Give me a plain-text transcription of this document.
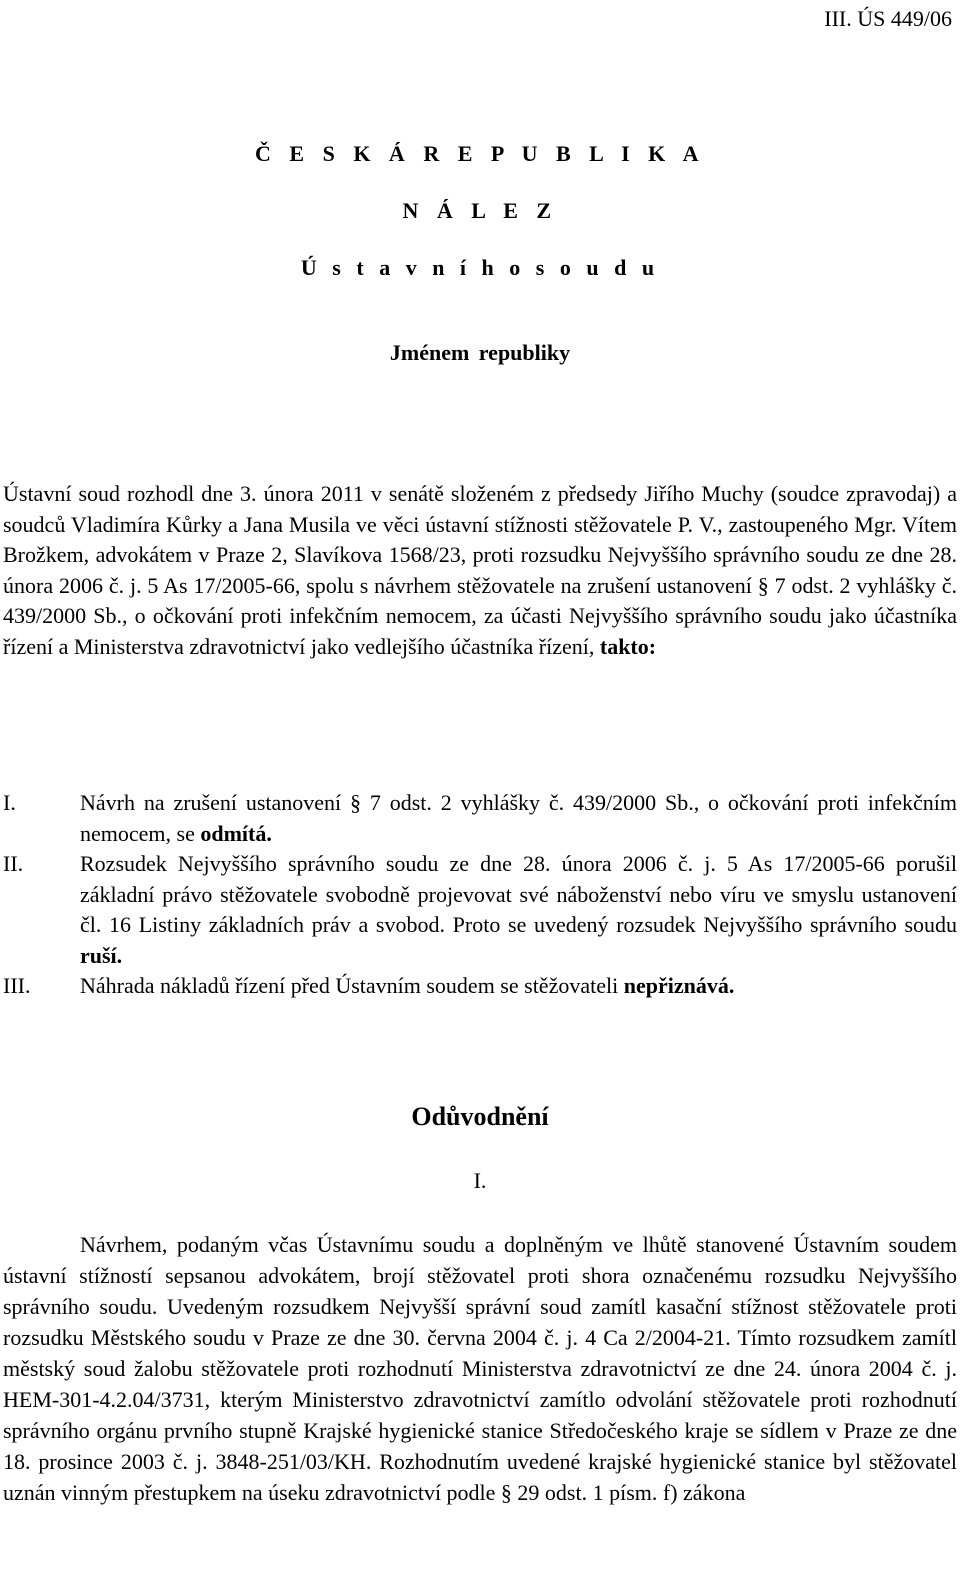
III. ÚS 449/06
Č E S K Á R E P U B L I K A
N Á L E Z
Ú s t a v n í h o s o u d u
Jménem republiky

Ústavní soud rozhodl dne 3. února 2011 v senátě složeném z předsedy Jiřího Muchy (soudce zpravodaj) a soudců Vladimíra Kůrky a Jana Musila ve věci ústavní stížnosti stěžovatele P. V., zastoupeného Mgr. Vítem Brožkem, advokátem v Praze 2, Slavíkova 1568/23, proti rozsudku Nejvyššího správního soudu ze dne 28. února 2006 č. j. 5 As 17/2005-66, spolu s návrhem stěžovatele na zrušení ustanovení § 7 odst. 2 vyhlášky č. 439/2000 Sb., o očkování proti infekčním nemocem, za účasti Nejvyššího správního soudu jako účastníka řízení a Ministerstva zdravotnictví jako vedlejšího účastníka řízení, takto:

I.	Návrh na zrušení ustanovení § 7 odst. 2 vyhlášky č. 439/2000 Sb., o očkování proti infekčním nemocem, se odmítá.
II.	Rozsudek Nejvyššího správního soudu ze dne 28. února 2006 č. j. 5 As 17/2005-66 porušil základní právo stěžovatele svobodně projevovat své náboženství nebo víru ve smyslu ustanovení čl. 16 Listiny základních práv a svobod. Proto se uvedený rozsudek Nejvyššího správního soudu ruší.
III.	Náhrada nákladů řízení před Ústavním soudem se stěžovateli nepřiznává.
Odůvodnění
I.

Návrhem, podaným včas Ústavnímu soudu a doplněným ve lhůtě stanovené Ústavním soudem ústavní stížností sepsanou advokátem, brojí stěžovatel proti shora označenému rozsudku Nejvyššího správního soudu. Uvedeným rozsudkem Nejvyšší správní soud zamítl kasační stížnost stěžovatele proti rozsudku Městského soudu v Praze ze dne 30. června 2004 č. j. 4 Ca 2/2004-21. Tímto rozsudkem zamítl městský soud žalobu stěžovatele proti rozhodnutí Ministerstva zdravotnictví ze dne 24. února 2004 č. j. HEM-301-4.2.04/3731, kterým Ministerstvo zdravotnictví zamítlo odvolání stěžovatele proti rozhodnutí správního orgánu prvního stupně Krajské hygienické stanice Středočeského kraje se sídlem v Praze ze dne 18. prosince 2003 č. j. 3848-251/03/KH. Rozhodnutím uvedené krajské hygienické stanice byl stěžovatel uznán vinným přestupkem na úseku zdravotnictví podle § 29 odst. 1 písm. f) zákona
